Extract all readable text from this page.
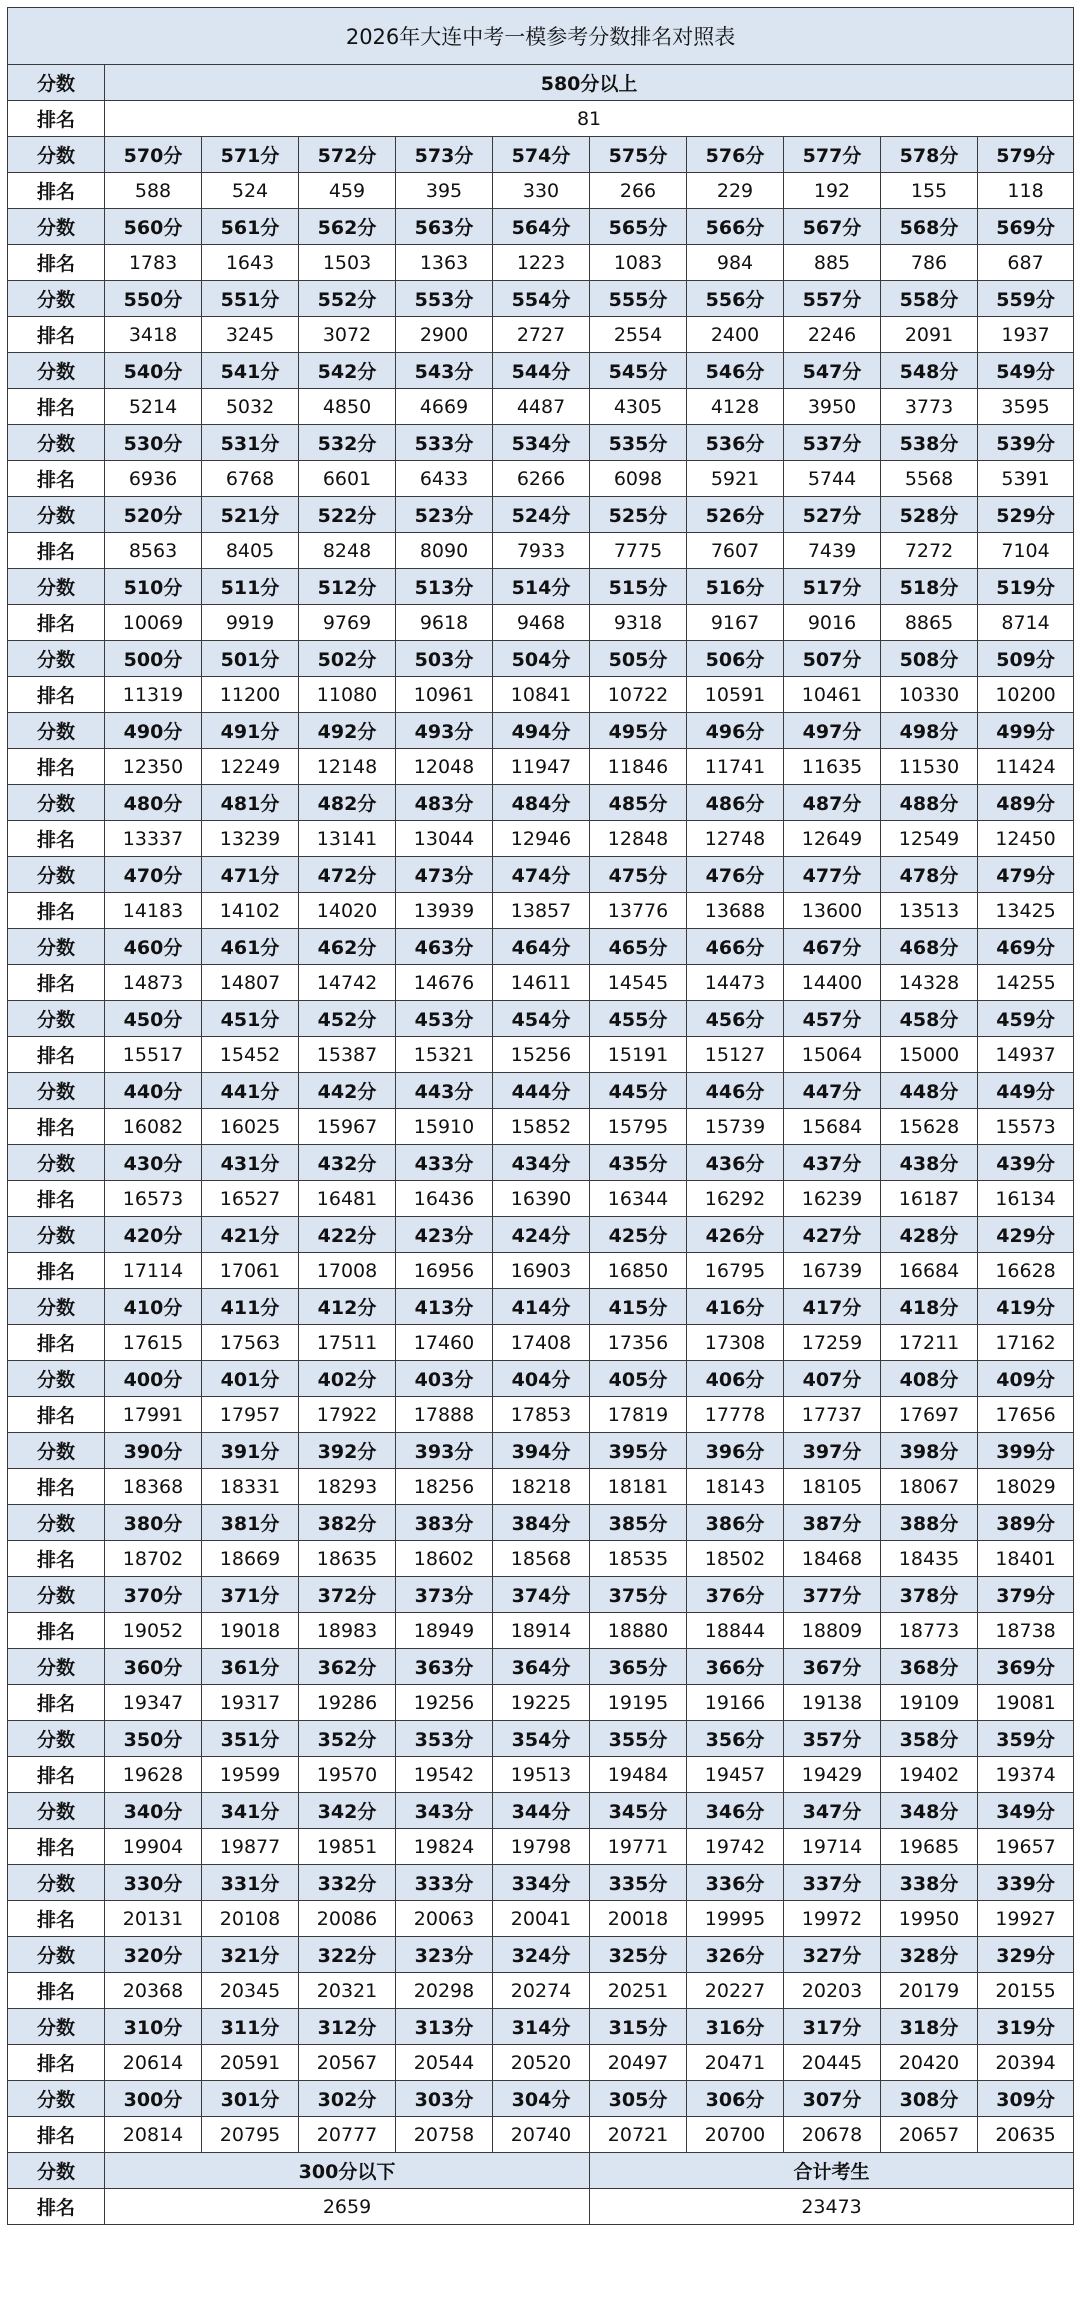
2026年大连中考一模参考分数排名对照表										
分数	580分以上									
排名	81									
分数	570分	571分	572分	573分	574分	575分	576分	577分	578分	579分
排名	588	524	459	395	330	266	229	192	155	118
分数	560分	561分	562分	563分	564分	565分	566分	567分	568分	569分
排名	1783	1643	1503	1363	1223	1083	984	885	786	687
分数	550分	551分	552分	553分	554分	555分	556分	557分	558分	559分
排名	3418	3245	3072	2900	2727	2554	2400	2246	2091	1937
分数	540分	541分	542分	543分	544分	545分	546分	547分	548分	549分
排名	5214	5032	4850	4669	4487	4305	4128	3950	3773	3595
分数	530分	531分	532分	533分	534分	535分	536分	537分	538分	539分
排名	6936	6768	6601	6433	6266	6098	5921	5744	5568	5391
分数	520分	521分	522分	523分	524分	525分	526分	527分	528分	529分
排名	8563	8405	8248	8090	7933	7775	7607	7439	7272	7104
分数	510分	511分	512分	513分	514分	515分	516分	517分	518分	519分
排名	10069	9919	9769	9618	9468	9318	9167	9016	8865	8714
分数	500分	501分	502分	503分	504分	505分	506分	507分	508分	509分
排名	11319	11200	11080	10961	10841	10722	10591	10461	10330	10200
分数	490分	491分	492分	493分	494分	495分	496分	497分	498分	499分
排名	12350	12249	12148	12048	11947	11846	11741	11635	11530	11424
分数	480分	481分	482分	483分	484分	485分	486分	487分	488分	489分
排名	13337	13239	13141	13044	12946	12848	12748	12649	12549	12450
分数	470分	471分	472分	473分	474分	475分	476分	477分	478分	479分
排名	14183	14102	14020	13939	13857	13776	13688	13600	13513	13425
分数	460分	461分	462分	463分	464分	465分	466分	467分	468分	469分
排名	14873	14807	14742	14676	14611	14545	14473	14400	14328	14255
分数	450分	451分	452分	453分	454分	455分	456分	457分	458分	459分
排名	15517	15452	15387	15321	15256	15191	15127	15064	15000	14937
分数	440分	441分	442分	443分	444分	445分	446分	447分	448分	449分
排名	16082	16025	15967	15910	15852	15795	15739	15684	15628	15573
分数	430分	431分	432分	433分	434分	435分	436分	437分	438分	439分
排名	16573	16527	16481	16436	16390	16344	16292	16239	16187	16134
分数	420分	421分	422分	423分	424分	425分	426分	427分	428分	429分
排名	17114	17061	17008	16956	16903	16850	16795	16739	16684	16628
分数	410分	411分	412分	413分	414分	415分	416分	417分	418分	419分
排名	17615	17563	17511	17460	17408	17356	17308	17259	17211	17162
分数	400分	401分	402分	403分	404分	405分	406分	407分	408分	409分
排名	17991	17957	17922	17888	17853	17819	17778	17737	17697	17656
分数	390分	391分	392分	393分	394分	395分	396分	397分	398分	399分
排名	18368	18331	18293	18256	18218	18181	18143	18105	18067	18029
分数	380分	381分	382分	383分	384分	385分	386分	387分	388分	389分
排名	18702	18669	18635	18602	18568	18535	18502	18468	18435	18401
分数	370分	371分	372分	373分	374分	375分	376分	377分	378分	379分
排名	19052	19018	18983	18949	18914	18880	18844	18809	18773	18738
分数	360分	361分	362分	363分	364分	365分	366分	367分	368分	369分
排名	19347	19317	19286	19256	19225	19195	19166	19138	19109	19081
分数	350分	351分	352分	353分	354分	355分	356分	357分	358分	359分
排名	19628	19599	19570	19542	19513	19484	19457	19429	19402	19374
分数	340分	341分	342分	343分	344分	345分	346分	347分	348分	349分
排名	19904	19877	19851	19824	19798	19771	19742	19714	19685	19657
分数	330分	331分	332分	333分	334分	335分	336分	337分	338分	339分
排名	20131	20108	20086	20063	20041	20018	19995	19972	19950	19927
分数	320分	321分	322分	323分	324分	325分	326分	327分	328分	329分
排名	20368	20345	20321	20298	20274	20251	20227	20203	20179	20155
分数	310分	311分	312分	313分	314分	315分	316分	317分	318分	319分
排名	20614	20591	20567	20544	20520	20497	20471	20445	20420	20394
分数	300分	301分	302分	303分	304分	305分	306分	307分	308分	309分
排名	20814	20795	20777	20758	20740	20721	20700	20678	20657	20635
分数	300分以下					合计考生				
排名	2659					23473				
